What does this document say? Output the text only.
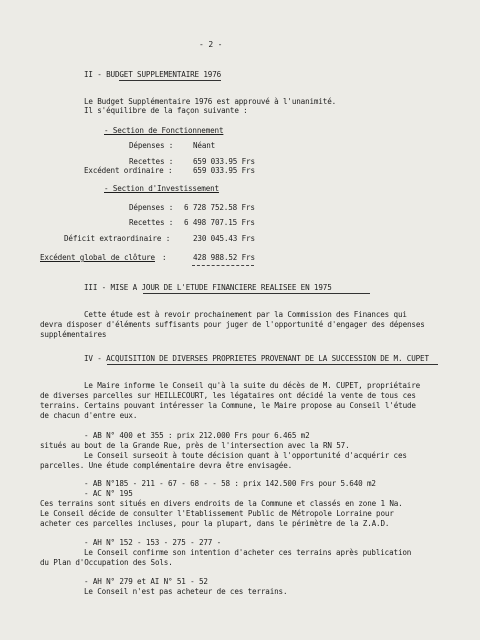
- 2 -
II - BUDGET SUPPLEMENTAIRE 1976
Le Budget Supplémentaire 1976 est approuvé à l'unanimité.
Il s'équilibre de la façon suivante :
- Section de Fonctionnement
Dépenses :	Néant
Recettes :	659 033.95 Frs
Excédent ordinaire :	659 033.95 Frs
- Section d'Investissement
Dépenses : 6 728 752.58 Frs
Recettes : 6 498 707.15 Frs
Déficit extraordinaire :	230 045.43 Frs
Excédent global de clôture :	428 988.52 Frs
III - MISE A JOUR DE L'ETUDE FINANCIERE REALISEE EN 1975
Cette étude est à revoir prochainement par la Commission des Finances qui
devra disposer d'éléments suffisants pour juger de l'opportunité d'engager des dépenses
supplémentaires
IV - ACQUISITION DE DIVERSES PROPRIETES PROVENANT DE LA SUCCESSION DE M. CUPET
Le Maire informe le Conseil qu'à la suite du décès de M. CUPET, propriétaire
de diverses parcelles sur HEILLECOURT, les légataires ont décidé la vente de tous ces
terrains. Certains pouvant intéresser la Commune, le Maire propose au Conseil l'étude
de chacun d'entre eux.
- AB N° 400 et 355 : prix 212.000 Frs pour 6.465 m2
situés au bout de la Grande Rue, près de l'intersection avec la RN 57.
Le Conseil surseoit à toute décision quant à l'opportunité d'acquérir ces
parcelles. Une étude complémentaire devra être envisagée.
- AB N°185 - 211 - 67 - 68 - - 58 : prix 142.500 Frs pour 5.640 m2
- AC N° 195
Ces terrains sont situés en divers endroits de la Commune et classés en zone 1 Na.
Le Conseil décide de consulter l'Etablissement Public de Métropole Lorraine pour
acheter ces parcelles incluses, pour la plupart, dans le périmètre de la Z.A.D.
- AH N° 152 - 153 - 275 - 277 -
Le Conseil confirme son intention d'acheter ces terrains après publication
du Plan d'Occupation des Sols.
- AH N° 279 et AI N° 51 - 52
Le Conseil n'est pas acheteur de ces terrains.
